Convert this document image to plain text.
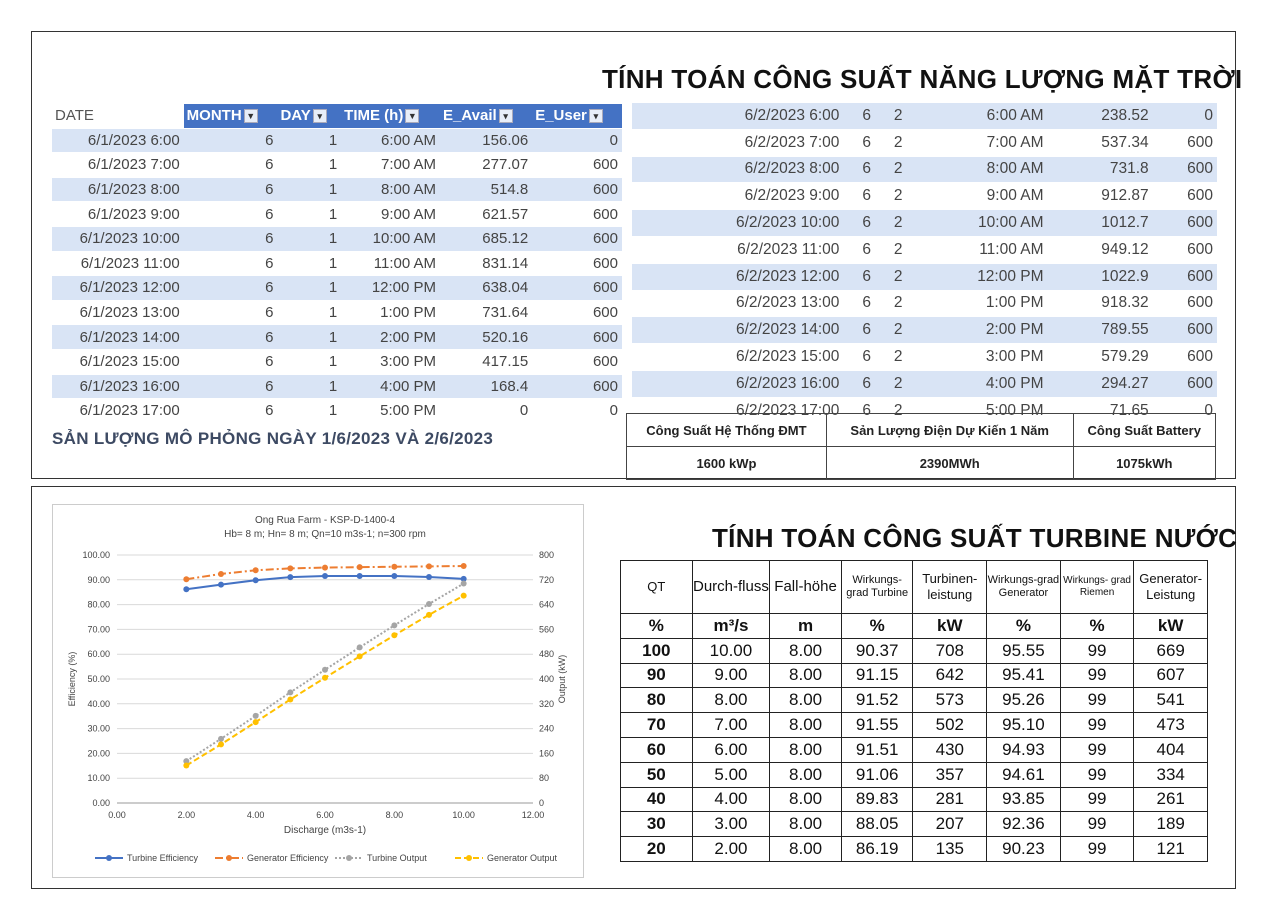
TÍNH TOÁN CÔNG SUẤT NĂNG LƯỢNG MẶT TRỜI
DATE	MONTH ▼	DAY ▾	TIME (h) ▼	E_Avail ▾	E_User ▾
6/1/2023 6:00	6	1	6:00 AM	156.06	0
6/1/2023 7:00	6	1	7:00 AM	277.07	600
6/1/2023 8:00	6	1	8:00 AM	514.8	600
6/1/2023 9:00	6	1	9:00 AM	621.57	600
6/1/2023 10:00	6	1	10:00 AM	685.12	600
6/1/2023 11:00	6	1	11:00 AM	831.14	600
6/1/2023 12:00	6	1	12:00 PM	638.04	600
6/1/2023 13:00	6	1	1:00 PM	731.64	600
6/1/2023 14:00	6	1	2:00 PM	520.16	600
6/1/2023 15:00	6	1	3:00 PM	417.15	600
6/1/2023 16:00	6	1	4:00 PM	168.4	600
6/1/2023 17:00	6	1	5:00 PM	0	0
6/2/2023 6:00	6	2	6:00 AM	238.52	0
6/2/2023 7:00	6	2	7:00 AM	537.34	600
6/2/2023 8:00	6	2	8:00 AM	731.8	600
6/2/2023 9:00	6	2	9:00 AM	912.87	600
6/2/2023 10:00	6	2	10:00 AM	1012.7	600
6/2/2023 11:00	6	2	11:00 AM	949.12	600
6/2/2023 12:00	6	2	12:00 PM	1022.9	600
6/2/2023 13:00	6	2	1:00 PM	918.32	600
6/2/2023 14:00	6	2	2:00 PM	789.55	600
6/2/2023 15:00	6	2	3:00 PM	579.29	600
6/2/2023 16:00	6	2	4:00 PM	294.27	600
6/2/2023 17:00	6	2	5:00 PM	71.65	0
Công Suất Hệ Thống ĐMT	Sản Lượng Điện Dự Kiến 1 Năm	Công Suất Battery
1600 kWp	2390MWh	1075kWh
SẢN LƯỢNG MÔ PHỎNG NGÀY 1/6/2023 VÀ 2/6/2023
Ong Rua Farm - KSP-D-1400-4
Hb= 8 m; Hn= 8 m; Qn=10 m3s-1; n=300 rpm
0.00
10.00
20.00
30.00
40.00
50.00
60.00
70.00
80.00
90.00
100.00
0
80
160
240
320
400
480
560
640
720
800
0.00	2.00	4.00	6.00	8.00	10.00	12.00
Discharge (m3s-1)
Efficiency (%)	Output (kW)
Turbine Efficiency	Generator Efficiency	Turbine Output	Generator Output
TÍNH TOÁN CÔNG SUẤT TURBINE NƯỚC
QT	Durch-fluss	Fall-höhe	Wirkungs-grad Turbine	Turbinen-leistung	Wirkungs-grad Generator	Wirkungs- grad Riemen	Generator-Leistung
%	m³/s	m	%	kW	%	%	kW
100	10.00	8.00	90.37	708	95.55	99	669
90	9.00	8.00	91.15	642	95.41	99	607
80	8.00	8.00	91.52	573	95.26	99	541
70	7.00	8.00	91.55	502	95.10	99	473
60	6.00	8.00	91.51	430	94.93	99	404
50	5.00	8.00	91.06	357	94.61	99	334
40	4.00	8.00	89.83	281	93.85	99	261
30	3.00	8.00	88.05	207	92.36	99	189
20	2.00	8.00	86.19	135	90.23	99	121
